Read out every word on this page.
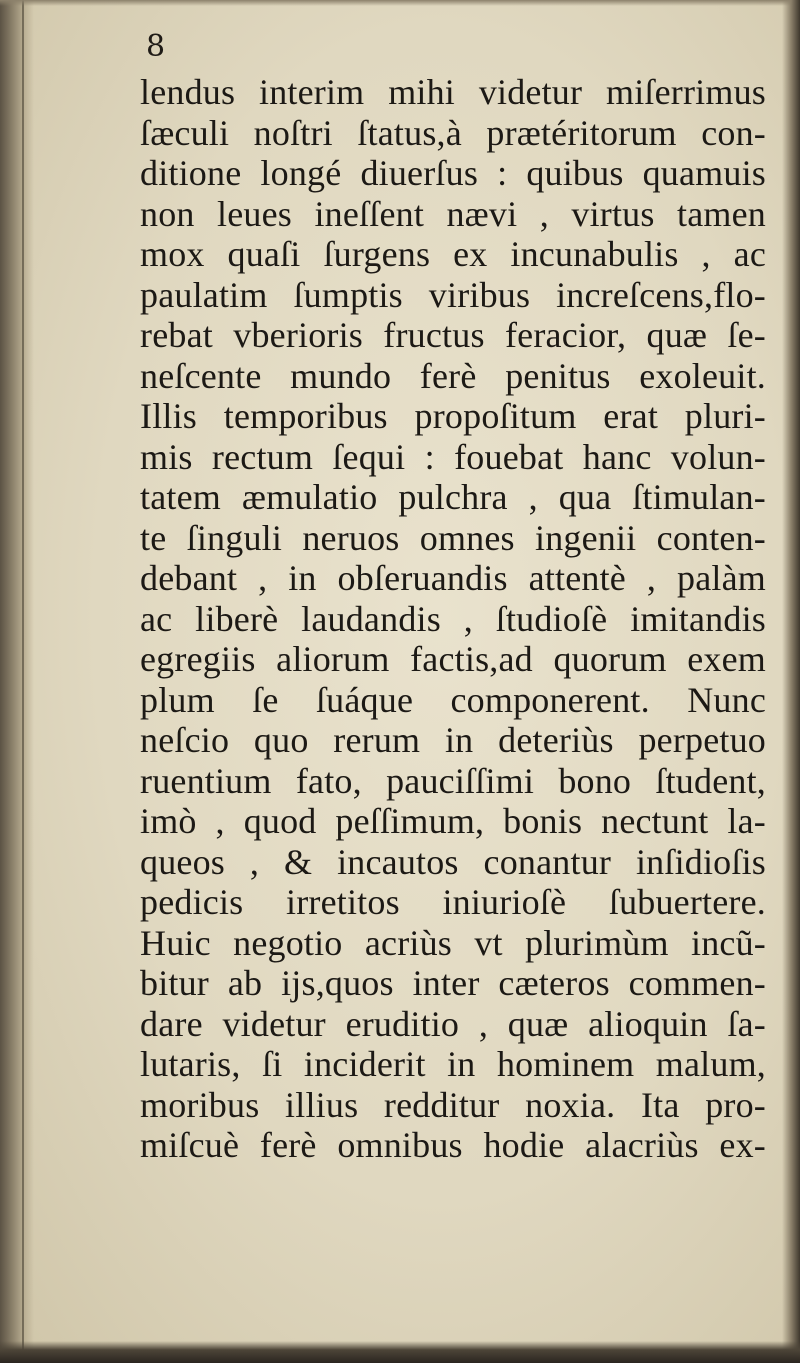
8
lendus interim mihi videtur miſerrimus
ſæculi noſtri ſtatus,à prætéritorum con-
ditione longé diuerſus : quibus quamuis
non leues ineſſent nævi , virtus tamen
mox quaſi ſurgens ex incunabulis , ac
paulatim ſumptis viribus increſcens,flo-
rebat vberioris fructus feracior, quæ ſe-
neſcente mundo ferè penitus exoleuit.
Illis temporibus propoſitum erat pluri-
mis rectum ſequi : fouebat hanc volun-
tatem æmulatio pulchra , qua ſtimulan-
te ſinguli neruos omnes ingenii conten-
debant , in obſeruandis attentè , palàm
ac liberè laudandis , ſtudioſè imitandis
egregiis aliorum factis,ad quorum exem
plum ſe ſuáque componerent. Nunc
neſcio quo rerum in deteriùs perpetuo
ruentium fato, pauciſſimi bono ſtudent,
imò , quod peſſimum, bonis nectunt la-
queos , & incautos conantur inſidioſis
pedicis irretitos iniurioſè ſubuertere.
Huic negotio acriùs vt plurimùm incũ-
bitur ab ijs,quos inter cæteros commen-
dare videtur eruditio , quæ alioquin ſa-
lutaris, ſi inciderit in hominem malum,
moribus illius redditur noxia. Ita pro-
miſcuè ferè omnibus hodie alacriùs ex-
